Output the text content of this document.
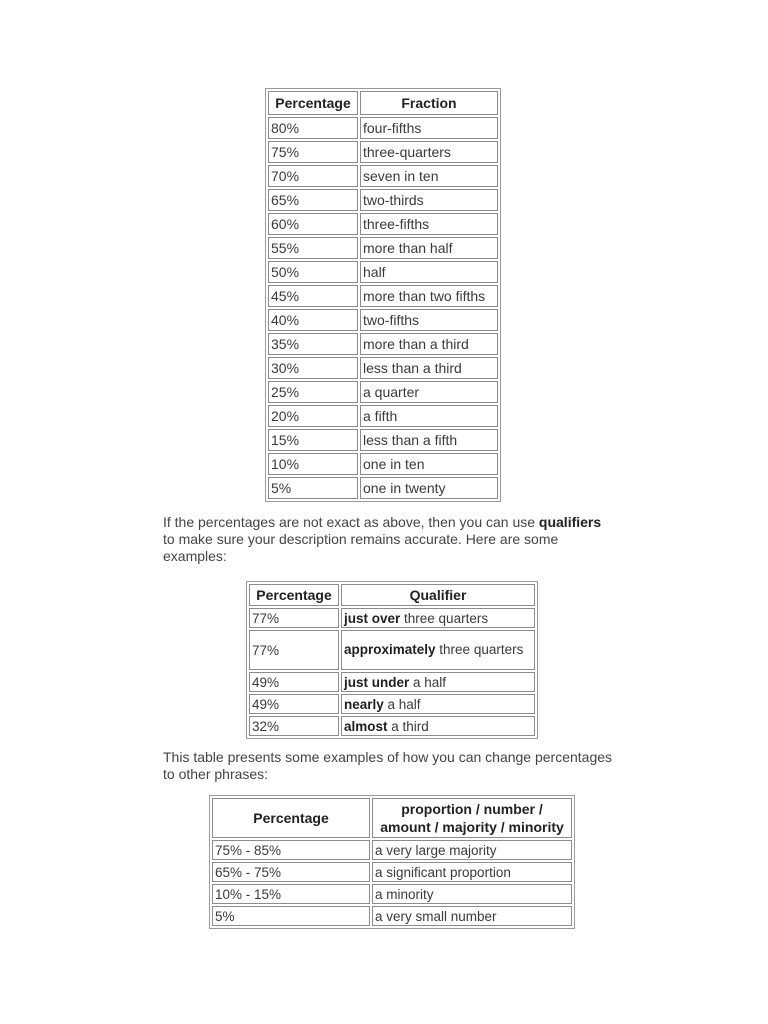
Percentage	Fraction
80%	four-fifths
75%	three-quarters
70%	seven in ten
65%	two-thirds
60%	three-fifths
55%	more than half
50%	half
45%	more than two fifths
40%	two-fifths
35%	more than a third
30%	less than a third
25%	a quarter
20%	a fifth
15%	less than a fifth
10%	one in ten
5%	one in twenty

If the percentages are not exact as above, then you can use qualifiers to make sure your description remains accurate. Here are some examples:

Percentage	Qualifier
77%	just over three quarters
77%	approximately three quarters
49%	just under a half
49%	nearly a half
32%	almost a third

This table presents some examples of how you can change percentages to other phrases:

Percentage	proportion / number / amount / majority / minority
75% - 85%	a very large majority
65% - 75%	a significant proportion
10% - 15%	a minority
5%	a very small number
